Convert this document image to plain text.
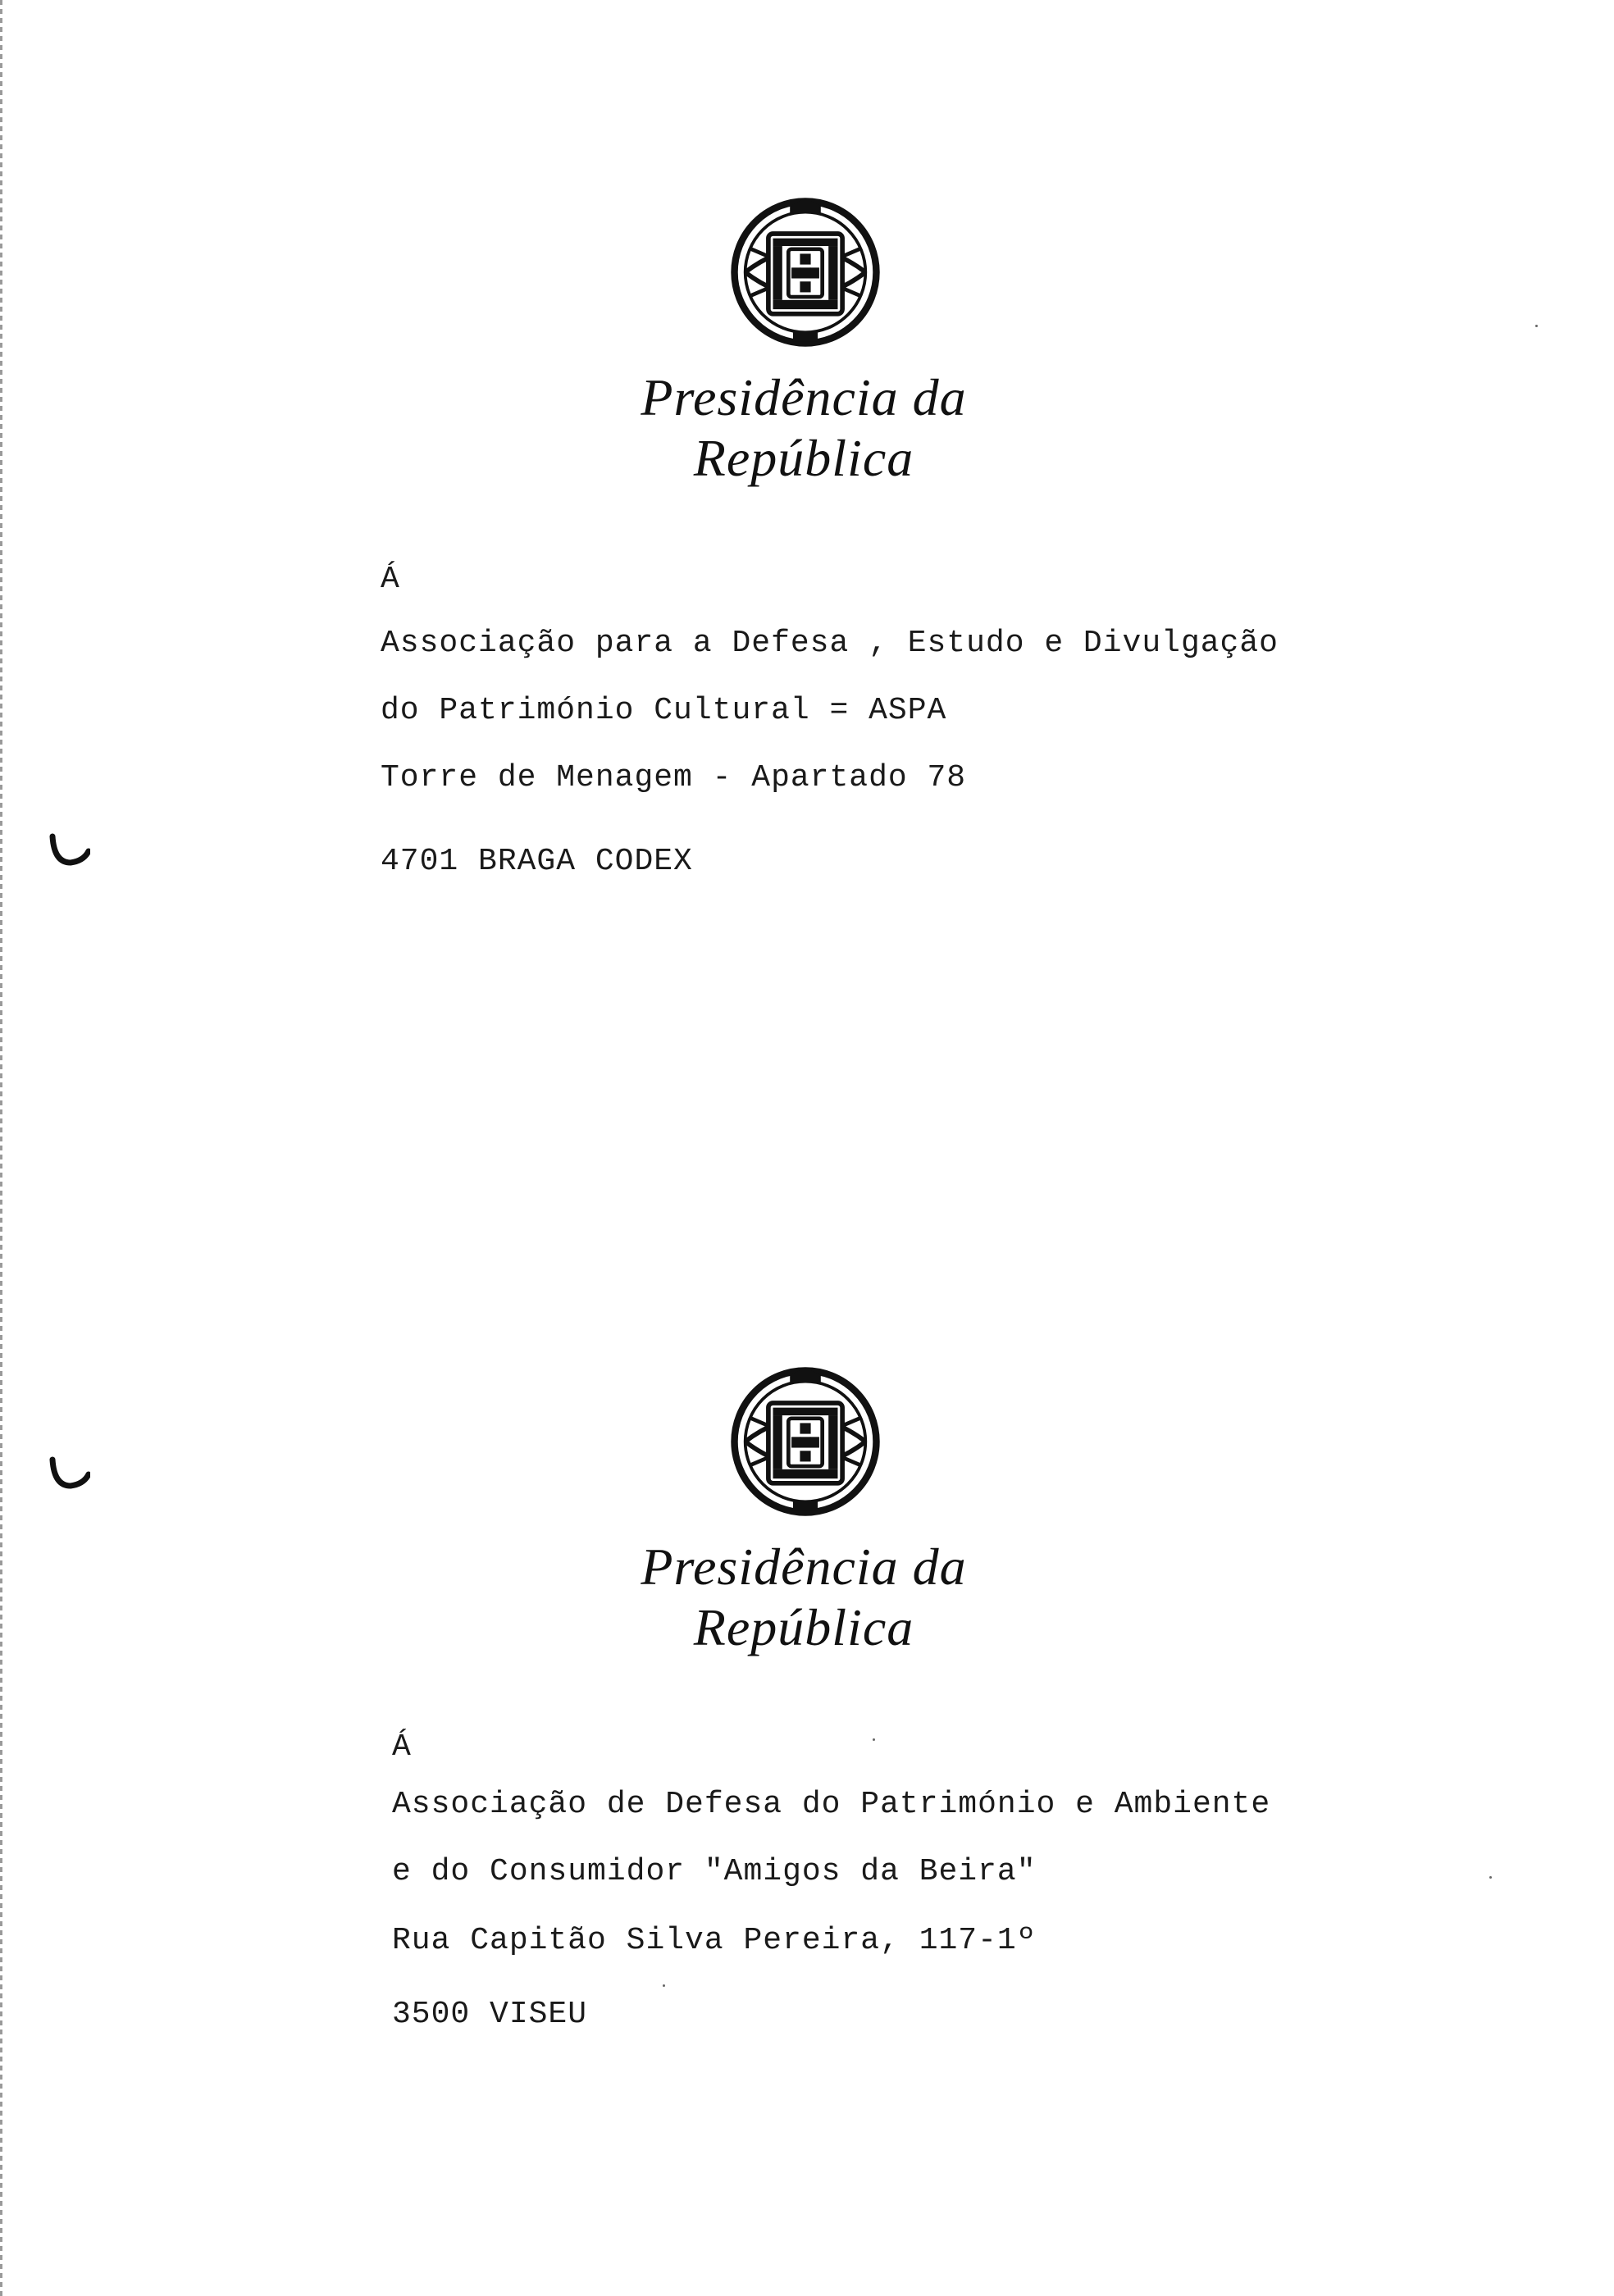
Presidência da República
Á
Associação para a Defesa , Estudo e Divulgação
do Património Cultural = ASPA
Torre de Menagem - Apartado 78
4701 BRAGA CODEX
Presidência da República
Á
Associação de Defesa do Património e Ambiente
e do Consumidor "Amigos da Beira"
Rua Capitão Silva Pereira, 117-1º
3500 VISEU
